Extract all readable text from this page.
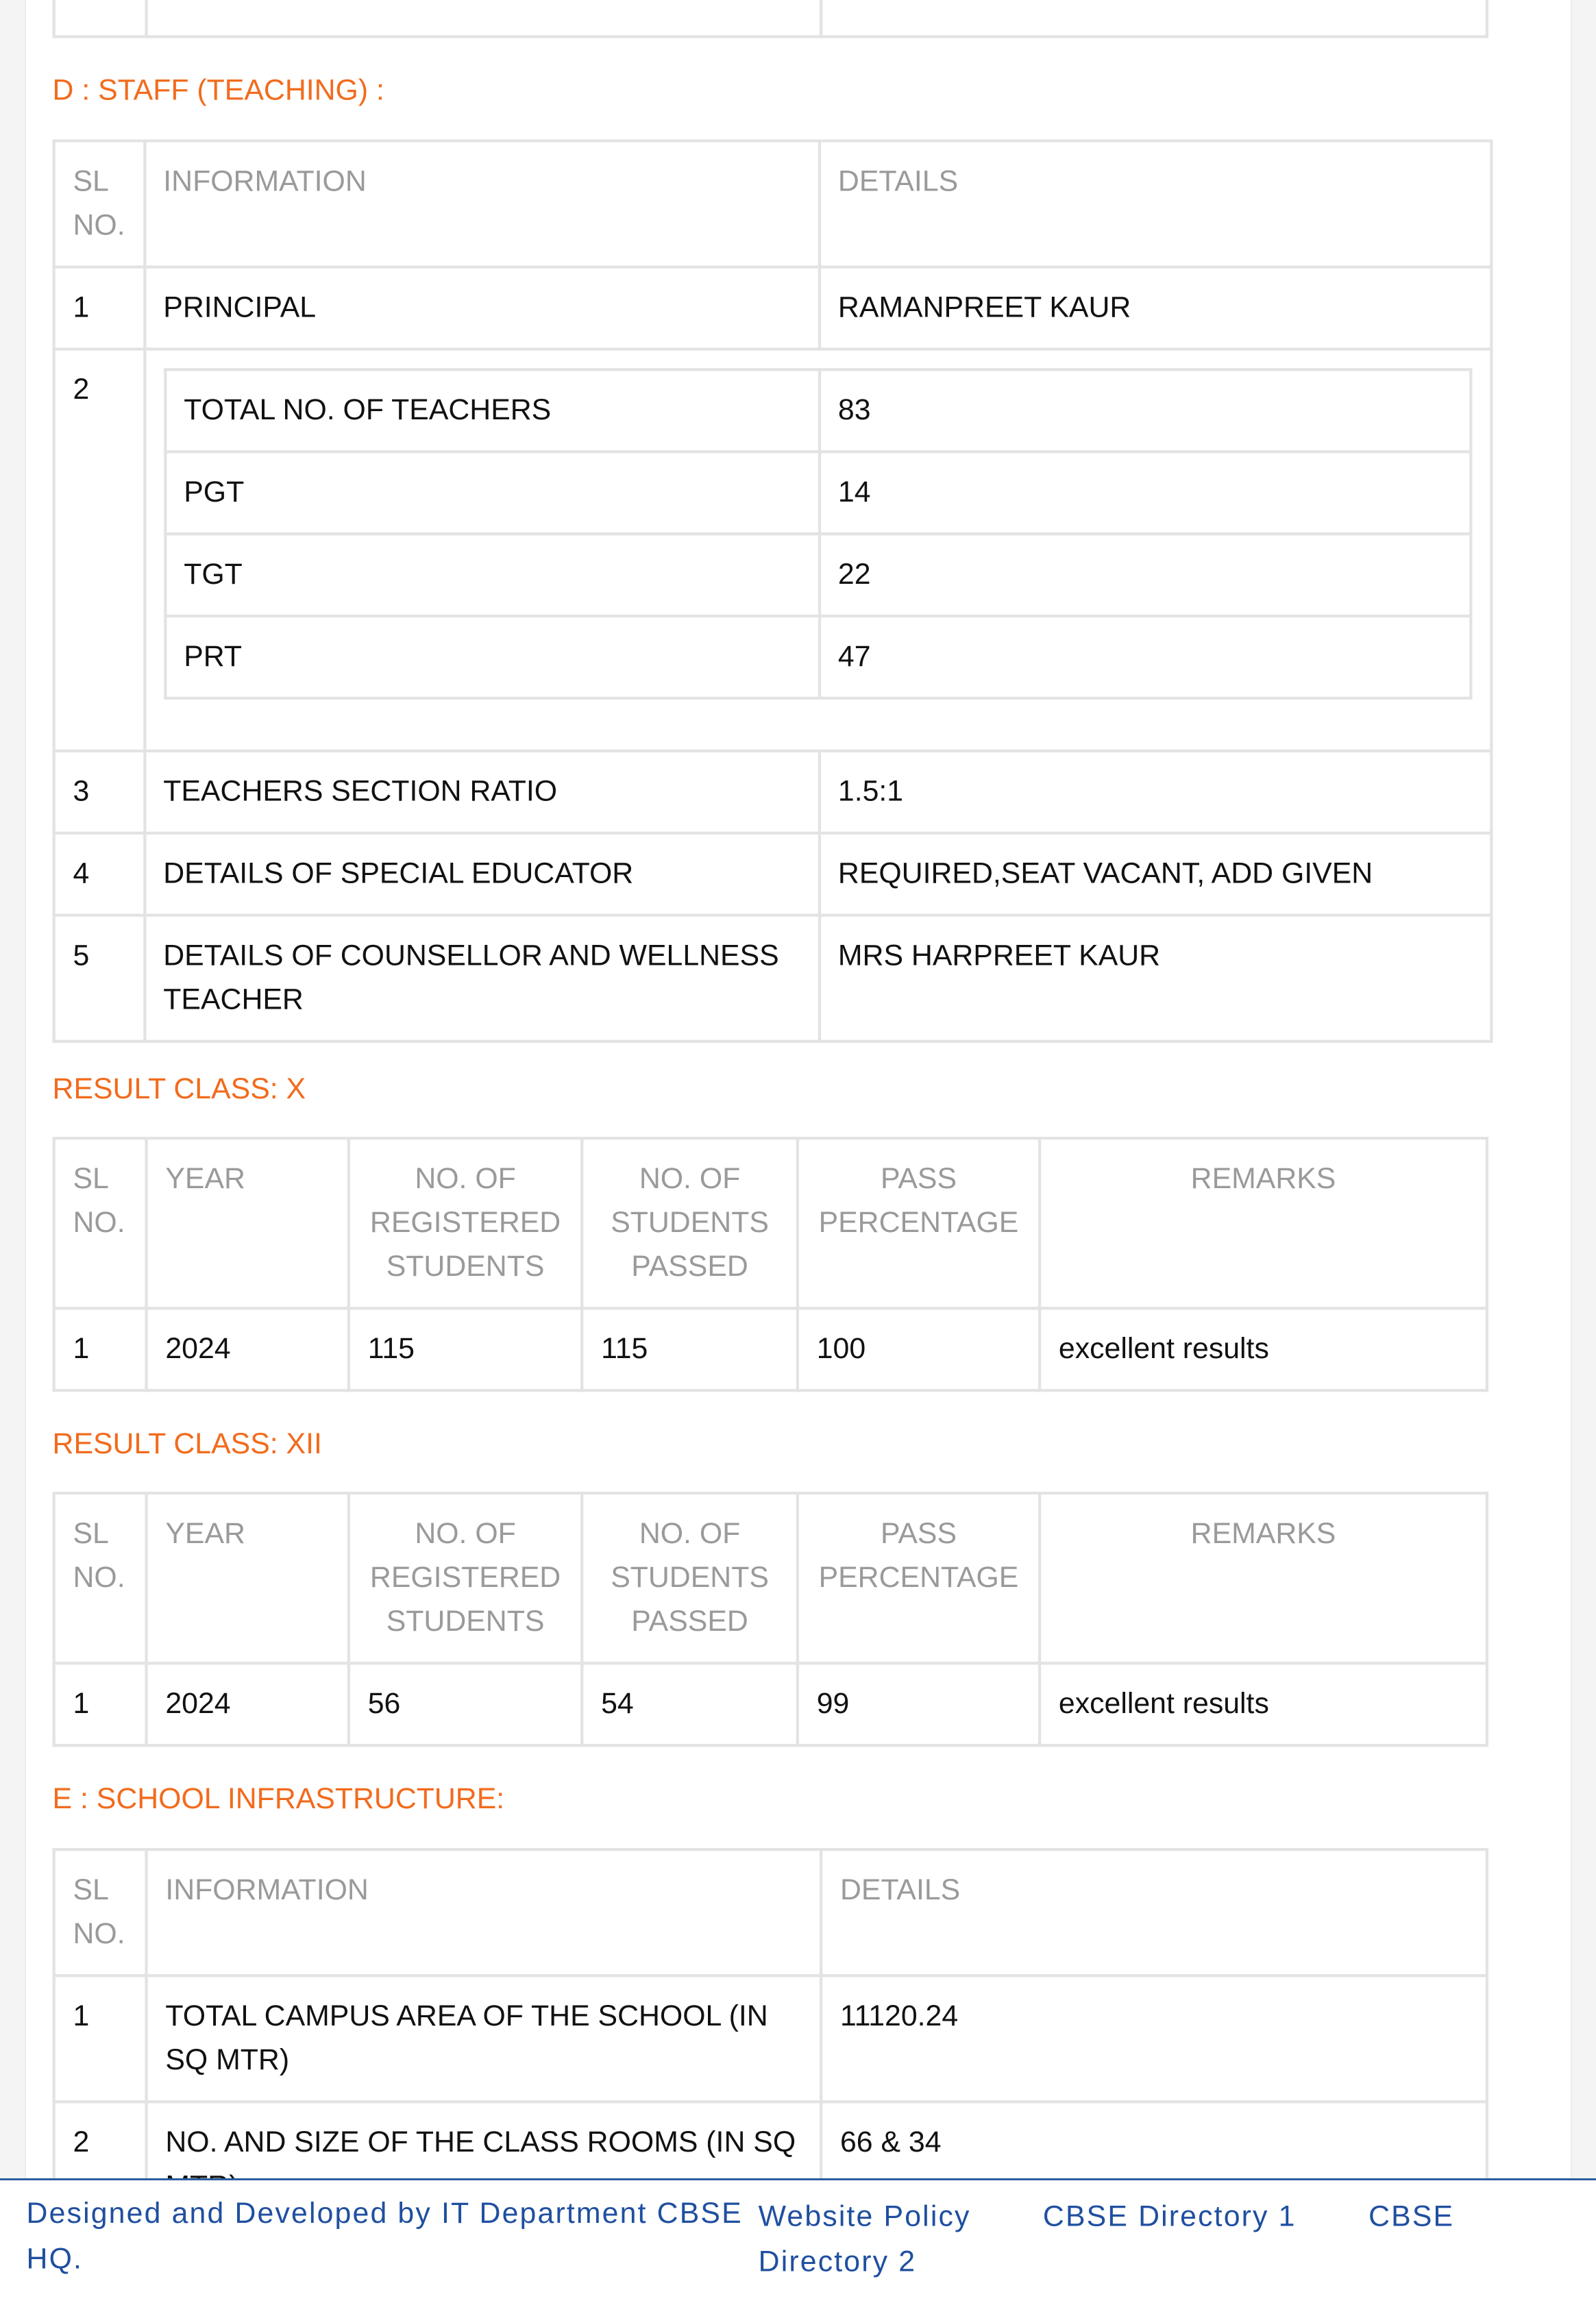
D : STAFF (TEACHING) :
SL NO.	INFORMATION	DETAILS
1	PRINCIPAL	RAMANPREET KAUR
2	
TOTAL NO. OF TEACHERS	83
PGT	14
TGT	22
PRT	47

3	TEACHERS SECTION RATIO	1.5:1
4	DETAILS OF SPECIAL EDUCATOR	REQUIRED,SEAT VACANT, ADD GIVEN
5	DETAILS OF COUNSELLOR AND WELLNESS TEACHER	MRS HARPREET KAUR
RESULT CLASS: X
SL NO.	YEAR	NO. OF REGISTERED STUDENTS	NO. OF STUDENTS PASSED	PASS PERCENTAGE	REMARKS
1	2024	115	115	100	excellent results
RESULT CLASS: XII
SL NO.	YEAR	NO. OF REGISTERED STUDENTS	NO. OF STUDENTS PASSED	PASS PERCENTAGE	REMARKS
1	2024	56	54	99	excellent results
E : SCHOOL INFRASTRUCTURE:
SL NO.	INFORMATION	DETAILS
1	TOTAL CAMPUS AREA OF THE SCHOOL (IN SQ MTR)	11120.24
2	NO. AND SIZE OF THE CLASS ROOMS (IN SQ	66 & 34
Designed and Developed by IT Department CBSE HQ.
Website Policy	CBSE Directory 1	CBSE Directory 2
